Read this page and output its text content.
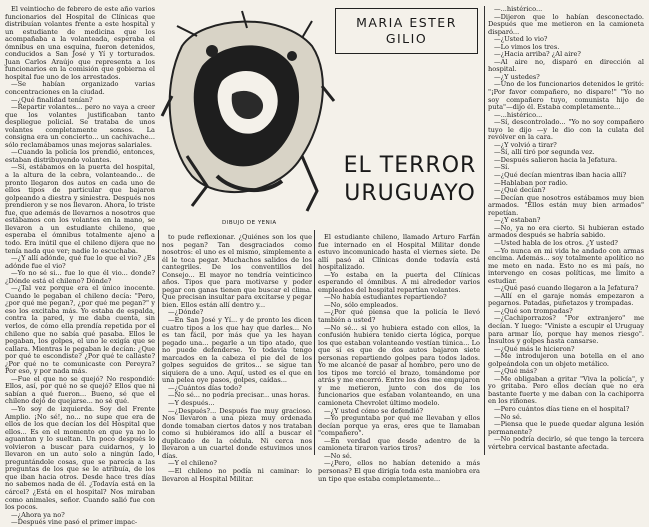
El veintiocho de febrero de este año varios funcionarios del Hospital de Clínicas que distribuían volantes frente a este hospital y un estudiante de medicina que los acompañaba a la volanteada, esperaba el ómnibus en una esquina, fueron detenidos, conducidos a San José y Yí y torturados. Juan Carlos Araújo que representa a los funcionarios en la comisión que gobierna el hospital fue uno de los arrestados.

—Se habían organizado varias concentraciones en la ciudad.

—¿Qué finalidad tenían?

—Repartir volantes... pero no vaya a creer que los volantes justificaban tanto despliegue policial. Se trataba de unos volantes completamente sonsos. La consigna era un concierto... un cachivache... sólo reclamábamos unas mejoras salariales.

—Cuando la policía los prendió, entonces, estaban distribuyendo volantes.

—Sí, estábamos en la puerta del hospital, a la altura de la cebra, volanteando... de pronto llegaron dos autos en cada uno de ellos tipos de particular que bajaron golpeando a diestra y siniestra. Después nos prendieron y se nos llevaron. Ahora, lo triste fue, que además de llevarnos a nosotros que estábamos con los volantes en la mano, se llevaron a un estudiante chileno, que esperaba el ómnibus totalmente ajeno a todo. Era inútil que el chileno dijera que no tenía nada que ver; nadie lo escuchaba.

—¿Y allí adónde, qué fue lo que el vio? ¿Es adónde fue el vio?

—Yo no sé si... fue lo que él vio... donde? ¿Dónde está el chileno? Dónde?

—¿Tal vez porque era el único inocente. Cuando le pegaban el chileno decía: "Pero, ¿por qué me pegan?, ¿por qué me pegan?" y eso los excitaba más. Yo estaba de espalda, contra la pared, y me daba cuenta, sin verlos, de cómo ella prendía repetida por el chileno que no sabía qué pasaba. Ellos le pegaban, los golpes, el uno le exigía que se callara. Mientras le pegaban le decían: ¿Que por qué te escondiste? ¿Por qué te callaste? ¿Por qué no te comunicaste con Pereyra? Por eso, y por nada más.

—Fue el que no se quejó? No respondió: Ellos, así, por qué no se quejó? Ellos que ni sabían a qué fueron... Bueno, sé que el chileno dejó de quejarse... no sé qué.

—Yo soy de izquierda. Soy del Frente Amplio. ¡No sé!, no... no supe que era de ellos de los que decían los del Hospital que ellos... Es en el momento en que ya no lo aguantan y lo sueltan. Un poco después lo volvieron a buscar para cuidarnos, y lo llevaron en un auto solo a ningún lado, preguntándole cosas, que se parecía a las preguntas de los que se le atribuía, de los que iban hacia otros. Desde hace tres días no sabemos nada de él. ¿Todavía está en la cárcel? ¿Está en el hospital? Nos miraban como animales, señor. Cuando salió fue con los pocos.

—¿Ahora ya no?

—Después vine pasó el primer impac-

MARIA ESTER GILIO
DIBUJO DE YENIA
EL TERROR URUGUAYO

to pude reflexionar. ¿Quiénes son los que nos pegan? Tan desgraciados como nosotros: el uno es el mismo, simplemente a él le toca pegar. Muchachos salidos de los cantegriles. De los conventillos del Consejo... El mayor no tendría veinticinco años. Tipos que para motivarse y poder pegar con ganas tienen que buscar el clima. Que precisan insultar para excitarse y pegar bien. Ellos están allí dentro y...

—¿Dónde?

—En San José y Yí... y de pronto les dicen cuatro tipos a los que hay que darles... No es tan fácil, por más que ya les hayan pegado una... pegarle a un tipo atado, que no puede defenderse. Yo todavía tengo marcados en la cabeza el pie del de los golpes seguidos de gritos... se sigue tan siquiera de a uno. Aquí, usted es el que en una pelea oye pasos, golpes, caídas...

—¿Cuántos días todo?

—No sé... no podría precisar... unas horas.

—Y después...

—¿Después?... Después fue muy gracioso. Nos llevaron a una pieza muy ordenada donde tomaban ciertos datos y nos trataban como si hubiéramos ido allí a buscar el duplicado de la cédula. Ni cerca nos llevaron a un cuartel donde estuvimos unos días.

—Y el chileno?

—El chileno no podía ni caminar: lo llevaron al Hospital Militar.

El estudiante chileno, llamado Arturo Farfán fue internado en el Hospital Militar donde estuvo incomunicado hasta el viernes siete. De allí pasó al Clínicas donde todavía está hospitalizado.

—Yo estaba en la puerta del Clínicas esperando el ómnibus. A mi alrededor varios empleados del hospital repartían volantes.

—No había estudiantes repartiendo?

—No, sólo empleados.

—¿Por qué piensa que la policía le llevó también a usted?

—No sé... si yo hubiera estado con ellos, la confusión hubiera tenido cierta lógica, porque los que estaban volanteando vestían túnica... Lo que sí es que de dos autos bajaron siete personas repartiendo golpes para todos lados. Yo me alcancé de pasar al hombro, pero uno de los tipos me torció el brazo, tomándome por atrás y me encerró. Entre los dos me empujaron y me metieron, junto con dos de los funcionarios que estaban volanteando, en una camioneta Chevrolet último modelo.

—¿Y usted cómo se defendió?

—Yo preguntaba por qué me llevaban y ellos decían porque ya eras, eres que te llamaban "compañero".

—En verdad que desde adentro de la camioneta tiraron varios tiros?

—No sé.

—¿Pero, ellos no habían detenido a más personas? El que dirigía toda esta maniobra era un tipo que estaba completamente...

—...histérico...

—Dijeron que lo habían desconectado. Después que me metieron en la camioneta disparó...

—¿Usted lo vio?

—Lo vimos los tres.

—¿Hacia arriba? ¿Al aire?

—Al aire no, disparó en dirección al hospital.

—¿Y ustedes?

—Uno de los funcionarios detenidos le gritó: "¡Por favor compañero, no dispare!" "Yo no soy compañero tuyo, comunista hijo de puta"—dijo él. Estaba completamente...

—...histérico...

—Sí, descontrolado... "Yo no soy compañero tuyo le dijo —y le dio con la culata del revólver en la cara.

—¿Y volvió a tirar?

—Sí, allí tiró por segunda vez.

—Después salieron hacia la Jefatura.

—Sí.

—¿Qué decían mientras iban hacia allí?

—Hablaban por radio.

—¿Qué decían?

—Decían que nosotros estábamos muy bien armados. "Ellos están muy bien armados" repetían.

—¿Y estaban?

—No, ya no era cierto. Si hubieran estado armados después se habría sabido.

—Usted habla de los otros. ¿Y usted?

—Yo nunca en mi vida he andado con armas encima. Además... soy totalmente apolítico no me meto en nada. Esto no es mi país, no intervengo en cosas políticas, me limito a estudiar.

—¿Qué pasó cuando llegaron a la Jefatura?

—Allí en el garaje nomás empezaron a pegarnos. Patadas, puñetazos y trompadas.

—¿Qué son trompadas?

—¿Cachiporrazos? "Por extranjero" me decían. Y luego: "Viniste a escupir el Uruguay para armar lío, porque hay menos riesgo". Insultos y golpes hasta cansarse.

—¿Qué más le hicieron?

—Me introdujeron una botella en el ano golpeándola con un objeto metálico.

—¿Qué más?

—Me obligaban a gritar "Viva la policía", y yo gritaba. Pero ellos decían que no era bastante fuerte y me daban con la cachiporra en los riñones.

—Pero cuántos días tiene en el hospital?

—No sé.

—Piensa que le puede quedar alguna lesión permanente?

—No podría decirlo, sé que tengo la tercera vértebra cervical bastante afectada.
